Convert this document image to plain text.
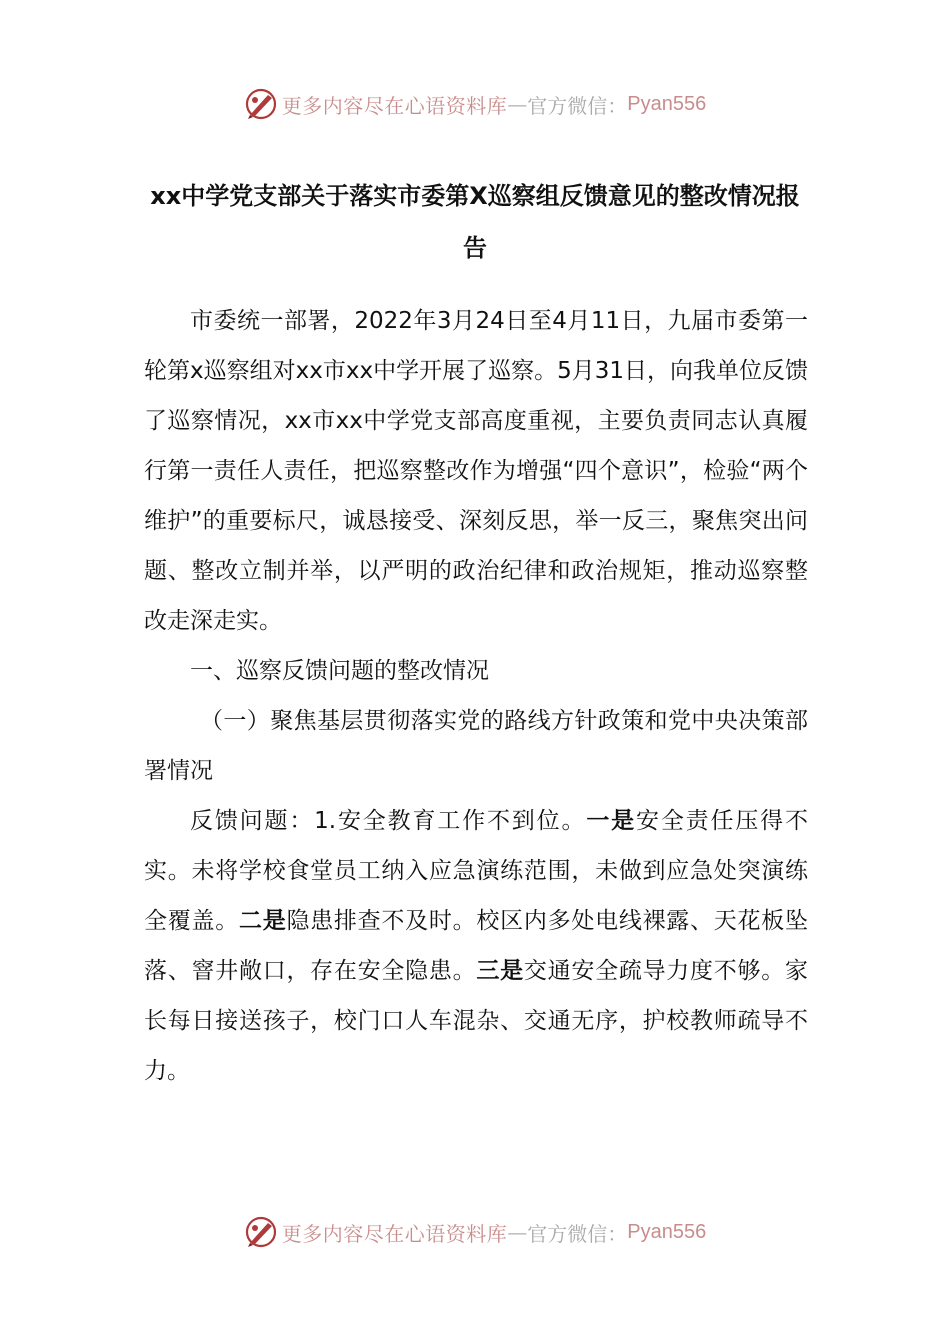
更多内容尽在心语资料库 — 官方微信： Pyan556
xx中学党支部关于落实市委第X巡察组反馈意见的整改情况报告

市委统一部署，2022年3月24日至4月11日，九届市委第一轮第x巡察组对xx市xx中学开展了巡察。5月31日，向我单位反馈了巡察情况，xx市xx中学党支部高度重视，主要负责同志认真履行第一责任人责任，把巡察整改作为增强“四个意识”，检验“两个维护”的重要标尺，诚恳接受、深刻反思，举一反三，聚焦突出问题、整改立制并举，以严明的政治纪律和政治规矩，推动巡察整改走深走实。

一、巡察反馈问题的整改情况

（一）聚焦基层贯彻落实党的路线方针政策和党中央决策部署情况

反馈问题：1.安全教育工作不到位。一是安全责任压得不实。未将学校食堂员工纳入应急演练范围，未做到应急处突演练全覆盖。二是隐患排查不及时。校区内多处电线裸露、天花板坠落、窨井敞口，存在安全隐患。三是交通安全疏导力度不够。家长每日接送孩子，校门口人车混杂、交通无序，护校教师疏导不力。

更多内容尽在心语资料库 — 官方微信： Pyan556
